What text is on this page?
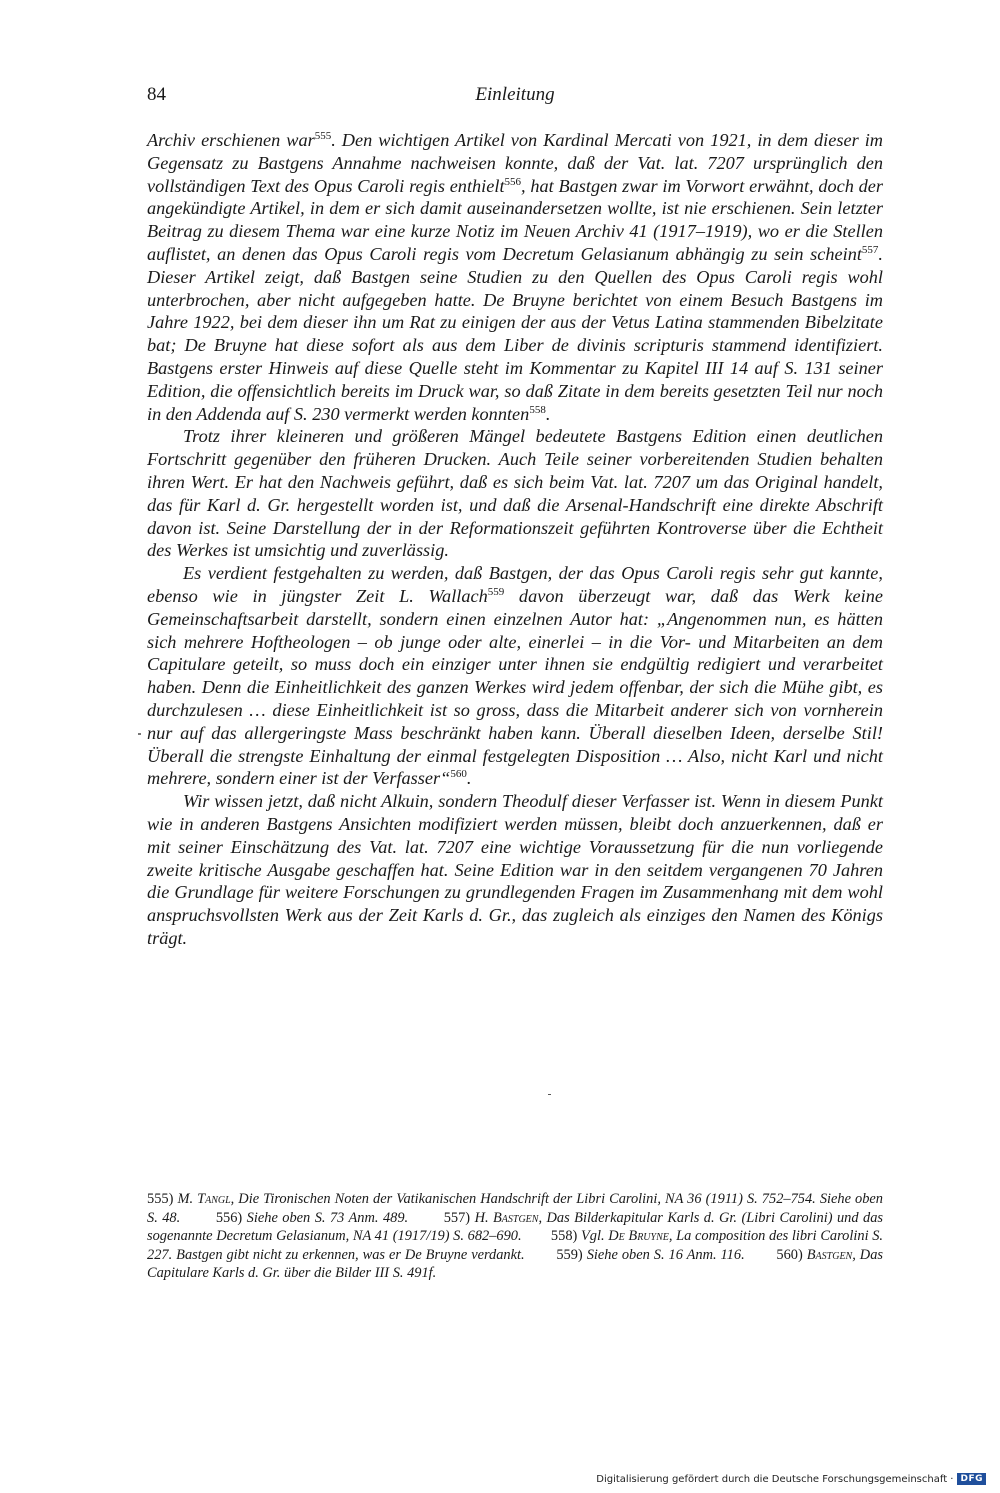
84	Einleitung

Archiv erschienen war$^{555}$. Den wichtigen Artikel von Kardinal Mercati von 1921, in dem dieser im Gegensatz zu Bastgens Annahme nachweisen konnte, daß der Vat. lat. 7207 ursprünglich den vollständigen Text des Opus Caroli regis enthielt$^{556}$, hat Bastgen zwar im Vorwort erwähnt, doch der angekündigte Artikel, in dem er sich damit auseinandersetzen wollte, ist nie erschienen. Sein letzter Beitrag zu diesem Thema war eine kurze Notiz im Neuen Archiv 41 (1917–1919), wo er die Stellen auflistet, an denen das Opus Caroli regis vom Decretum Gelasianum abhängig zu sein scheint$^{557}$. Dieser Artikel zeigt, daß Bastgen seine Studien zu den Quellen des Opus Caroli regis wohl unterbrochen, aber nicht aufgegeben hatte. De Bruyne berichtet von einem Besuch Bastgens im Jahre 1922, bei dem dieser ihn um Rat zu einigen der aus der Vetus Latina stammenden Bibelzitate bat; De Bruyne hat diese sofort als aus dem Liber de divinis scripturis stammend identifiziert. Bastgens erster Hinweis auf diese Quelle steht im Kommentar zu Kapitel III 14 auf S. 131 seiner Edition, die offensichtlich bereits im Druck war, so daß Zitate in dem bereits gesetzten Teil nur noch in den Addenda auf S. 230 vermerkt werden konnten$^{558}$.

Trotz ihrer kleineren und größeren Mängel bedeutete Bastgens Edition einen deutlichen Fortschritt gegenüber den früheren Drucken. Auch Teile seiner vorbereitenden Studien behalten ihren Wert. Er hat den Nachweis geführt, daß es sich beim Vat. lat. 7207 um das Original handelt, das für Karl d. Gr. hergestellt worden ist, und daß die Arsenal-Handschrift eine direkte Abschrift davon ist. Seine Darstellung der in der Reformationszeit geführten Kontroverse über die Echtheit des Werkes ist umsichtig und zuverlässig.

Es verdient festgehalten zu werden, daß Bastgen, der das Opus Caroli regis sehr gut kannte, ebenso wie in jüngster Zeit L. Wallach$^{559}$ davon überzeugt war, daß das Werk keine Gemeinschaftsarbeit darstellt, sondern einen einzelnen Autor hat: „Angenommen nun, es hätten sich mehrere Hoftheologen – ob junge oder alte, einerlei – in die Vor- und Mitarbeiten an dem Capitulare geteilt, so muss doch ein einziger unter ihnen sie endgültig redigiert und verarbeitet haben. Denn die Einheitlichkeit des ganzen Werkes wird jedem offenbar, der sich die Mühe gibt, es durchzulesen … diese Einheitlichkeit ist so gross, dass die Mitarbeit anderer sich von vornherein nur auf das allergeringste Mass beschränkt haben kann. Überall dieselben Ideen, derselbe Stil! Überall die strengste Einhaltung der einmal festgelegten Disposition … Also, nicht Karl und nicht mehrere, sondern einer ist der Verfasser“$^{560}$.

Wir wissen jetzt, daß nicht Alkuin, sondern Theodulf dieser Verfasser ist. Wenn in diesem Punkt wie in anderen Bastgens Ansichten modifiziert werden müssen, bleibt doch anzuerkennen, daß er mit seiner Einschätzung des Vat. lat. 7207 eine wichtige Voraussetzung für die nun vorliegende zweite kritische Ausgabe geschaffen hat. Seine Edition war in den seitdem vergangenen 70 Jahren die Grundlage für weitere Forschungen zu grundlegenden Fragen im Zusammenhang mit dem wohl anspruchsvollsten Werk aus der Zeit Karls d. Gr., das zugleich als einziges den Namen des Königs trägt.

555) M. Tangl, Die Tironischen Noten der Vatikanischen Handschrift der Libri Carolini, NA 36 (1911) S. 752–754. Siehe oben S. 48. 556) Siehe oben S. 73 Anm. 489. 557) H. Bastgen, Das Bilderkapitular Karls d. Gr. (Libri Carolini) und das sogenannte Decretum Gelasianum, NA 41 (1917/19) S. 682–690. 558) Vgl. De Bruyne, La composition des libri Carolini S. 227. Bastgen gibt nicht zu erkennen, was er De Bruyne verdankt. 559) Siehe oben S. 16 Anm. 116. 560) Bastgen, Das Capitulare Karls d. Gr. über die Bilder III S. 491f.

Digitalisierung gefördert durch die Deutsche Forschungsgemeinschaft · DFG
